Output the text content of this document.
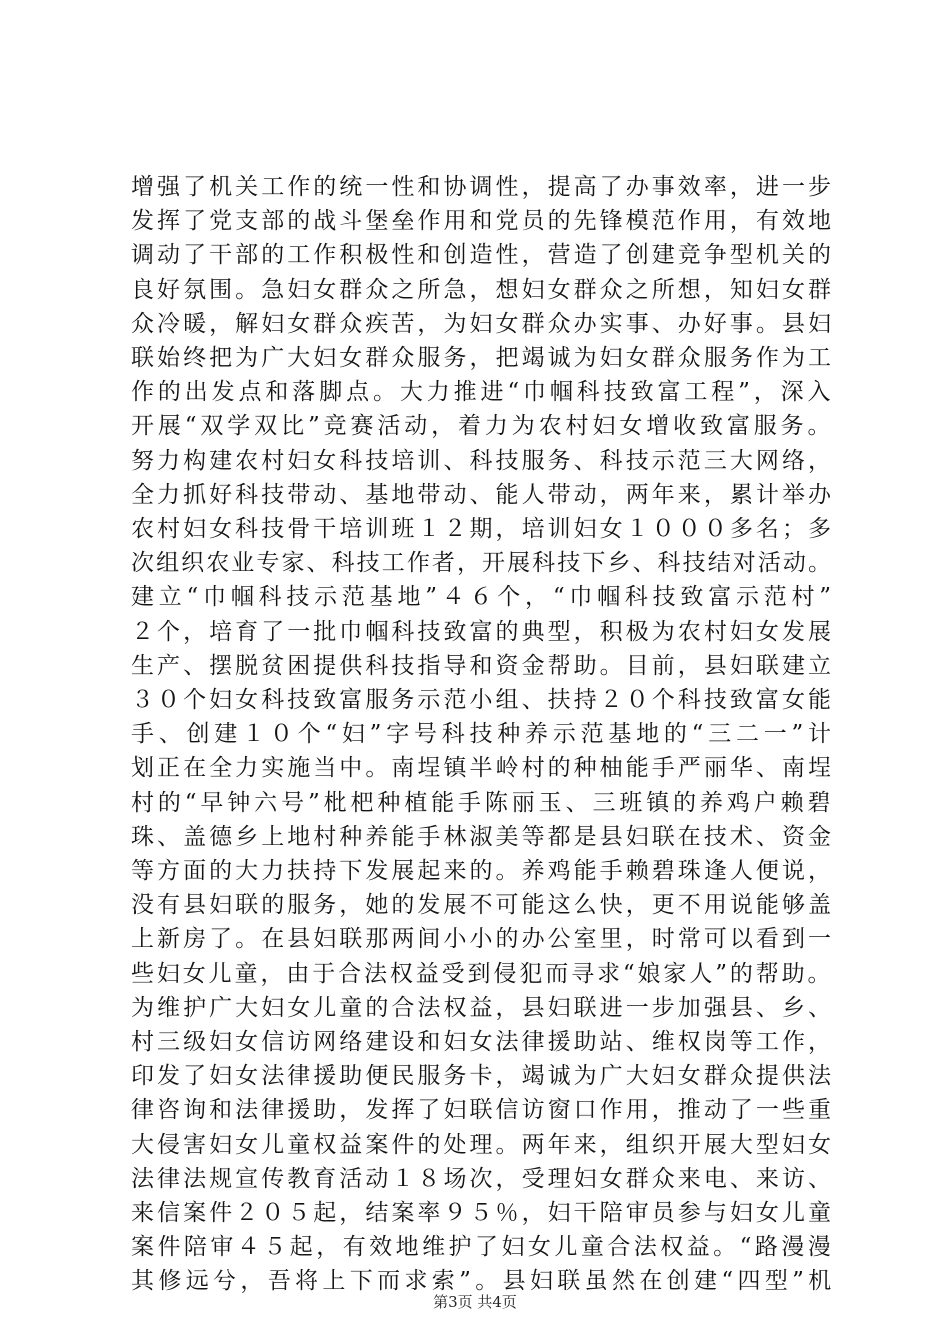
增强了机关工作的统一性和协调性，提高了办事效率，进一步
发挥了党支部的战斗堡垒作用和党员的先锋模范作用，有效地
调动了干部的工作积极性和创造性，营造了创建竞争型机关的
良好氛围。急妇女群众之所急，想妇女群众之所想，知妇女群
众冷暖，解妇女群众疾苦，为妇女群众办实事、办好事。县妇
联始终把为广大妇女群众服务，把竭诚为妇女群众服务作为工
作的出发点和落脚点。大力推进“巾帼科技致富工程”，深入
开展“双学双比”竞赛活动，着力为农村妇女增收致富服务。
努力构建农村妇女科技培训、科技服务、科技示范三大网络，
全力抓好科技带动、基地带动、能人带动，两年来，累计举办
农村妇女科技骨干培训班１２期，培训妇女１０００多名；多
次组织农业专家、科技工作者，开展科技下乡、科技结对活动。
建立“巾帼科技示范基地”４６个，“巾帼科技致富示范村”
２个，培育了一批巾帼科技致富的典型，积极为农村妇女发展
生产、摆脱贫困提供科技指导和资金帮助。目前，县妇联建立
３０个妇女科技致富服务示范小组、扶持２０个科技致富女能
手、创建１０个“妇”字号科技种养示范基地的“三二一”计
划正在全力实施当中。南埕镇半岭村的种柚能手严丽华、南埕
村的“早钟六号”枇杷种植能手陈丽玉、三班镇的养鸡户赖碧
珠、盖德乡上地村种养能手林淑美等都是县妇联在技术、资金
等方面的大力扶持下发展起来的。养鸡能手赖碧珠逢人便说，
没有县妇联的服务，她的发展不可能这么快，更不用说能够盖
上新房了。在县妇联那两间小小的办公室里，时常可以看到一
些妇女儿童，由于合法权益受到侵犯而寻求“娘家人”的帮助。
为维护广大妇女儿童的合法权益，县妇联进一步加强县、乡、
村三级妇女信访网络建设和妇女法律援助站、维权岗等工作，
印发了妇女法律援助便民服务卡，竭诚为广大妇女群众提供法
律咨询和法律援助，发挥了妇联信访窗口作用，推动了一些重
大侵害妇女儿童权益案件的处理。两年来，组织开展大型妇女
法律法规宣传教育活动１８场次，受理妇女群众来电、来访、
来信案件２０５起，结案率９５％，妇干陪审员参与妇女儿童
案件陪审４５起，有效地维护了妇女儿童合法权益。“路漫漫
其修远兮，吾将上下而求索”。县妇联虽然在创建“四型”机
第3页 共4页
